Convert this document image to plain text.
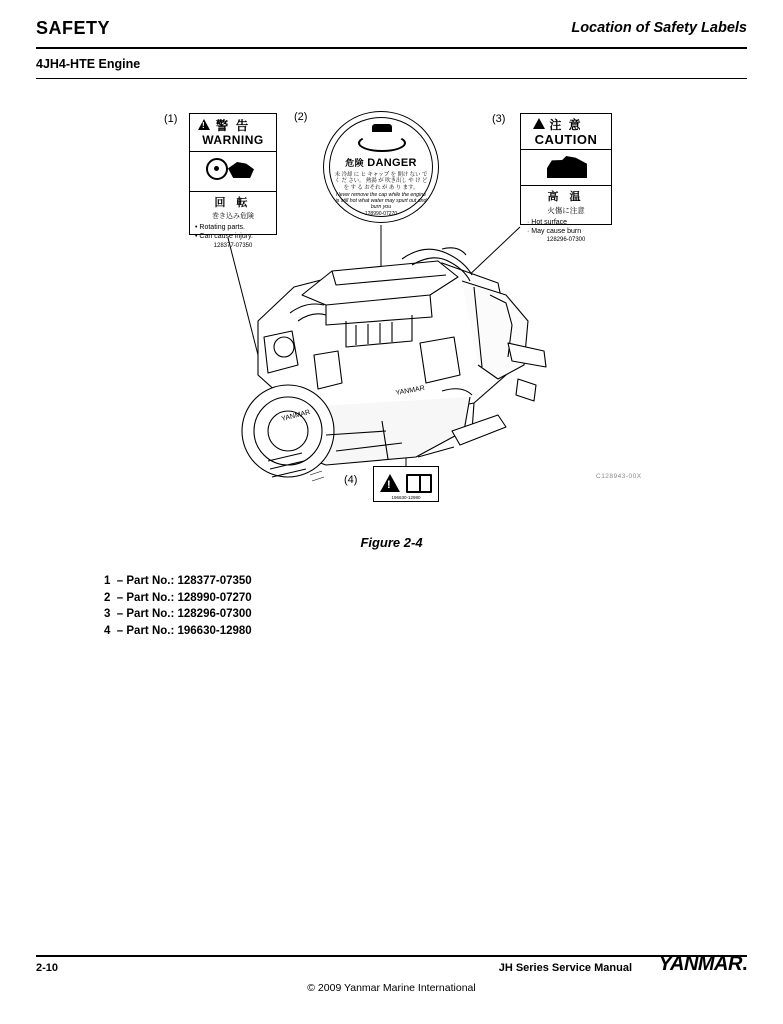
SAFETY	Location of Safety Labels
4JH4-HTE Engine
(1)	(2)	(3)
(4)
YANMAR
YANMAR
C128943-00X
!
警 告
WARNING
回 転
巻き込み危険
• Rotating parts.
• Can cause injury.
128377-07350
危険 DANGER
未 冷却 に ヒ キャップ を 開け ない で く だ さい。 熱湯 が 吹き出し や け ど を す る おそれ が あ り ます。
Never remove the cap while the engine is still hot what water may spurt out and burn you
128990-07270
注 意
CAUTION
高 温
火傷に注意
· Hot surface
· May cause burn
128296-07300
!
196630-12980
Figure 2-4
1  – Part No.: 128377-07350
2  – Part No.: 128990-07270
3  – Part No.: 128296-07300
4  – Part No.: 196630-12980
2-10	JH Series Service Manual YANMAR.
© 2009 Yanmar Marine International
